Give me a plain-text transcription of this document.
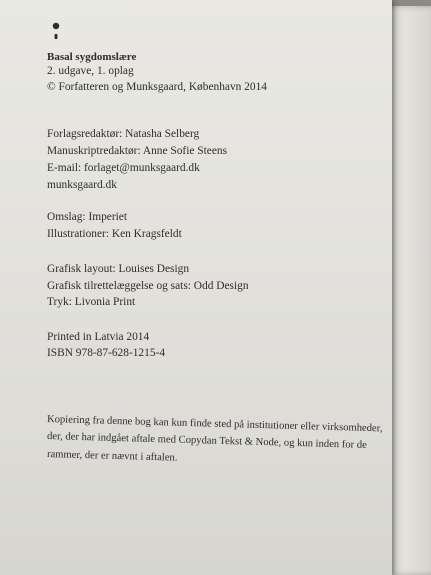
Basal sygdomslære
2. udgave, 1. oplag
© Forfatteren og Munksgaard, København 2014
Forlagsredaktør: Natasha Selberg
Manuskriptredaktør: Anne Sofie Steens
E-mail: forlaget@munksgaard.dk
munksgaard.dk
Omslag: Imperiet
Illustrationer: Ken Kragsfeldt
Grafisk layout: Louises Design
Grafisk tilrettelæggelse og sats: Odd Design
Tryk: Livonia Print
Printed in Latvia 2014
ISBN 978-87-628-1215-4
Kopiering fra denne bog kan kun finde sted på institutioner eller virksomheder,
der, der har indgået aftale med Copydan Tekst & Node, og kun inden for de
rammer, der er nævnt i aftalen.
